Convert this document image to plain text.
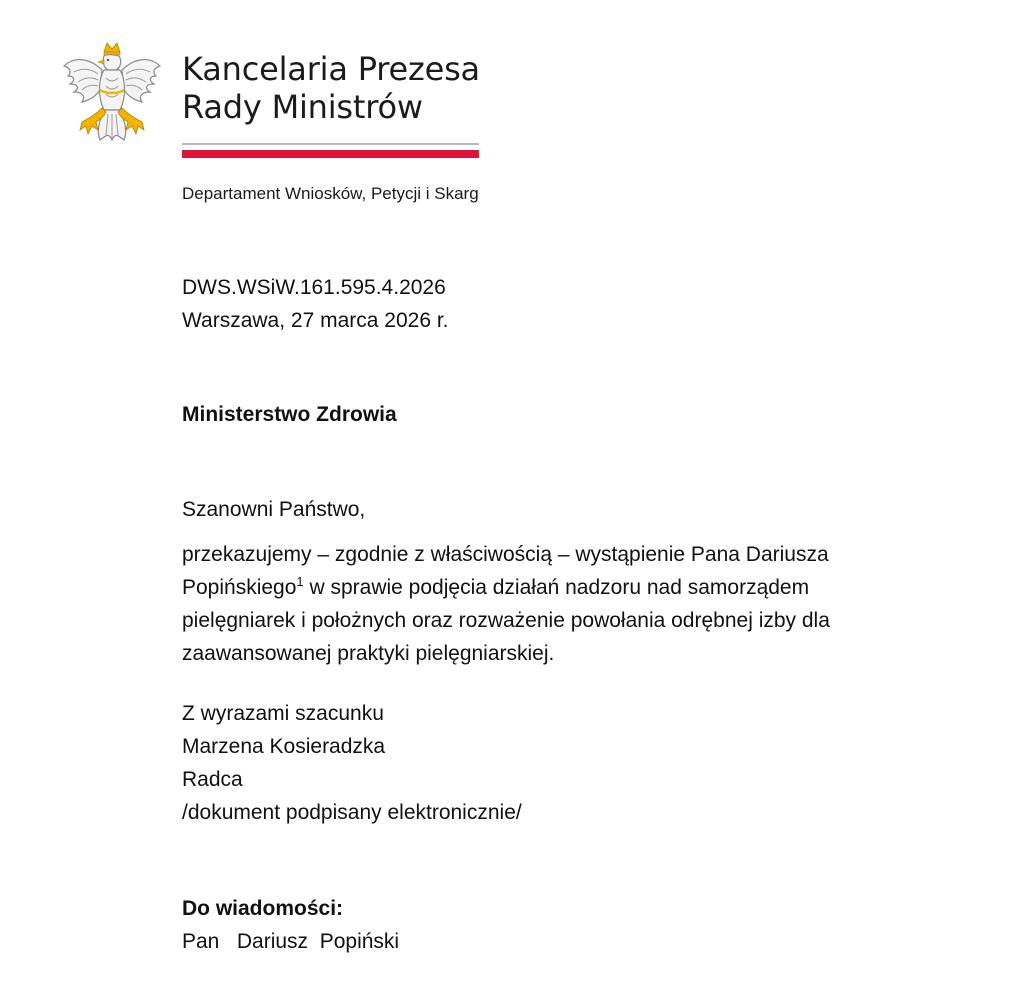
Kancelaria Prezesa
Rady Ministrów
Departament Wniosków, Petycji i Skarg
DWS.WSiW.161.595.4.2026
Warszawa, 27 marca 2026 r.
Ministerstwo Zdrowia
Szanowni Państwo,
przekazujemy – zgodnie z właściwością – wystąpienie Pana Dariusza
Popińskiego$^1$ w sprawie podjęcia działań nadzoru nad samorządem
pielęgniarek i położnych oraz rozważenie powołania odrębnej izby dla
zaawansowanej praktyki pielęgniarskiej.
Z wyrazami szacunku
Marzena Kosieradzka
Radca
/dokument podpisany elektronicznie/
Do wiadomości:
Pan   Dariusz  Popiński
